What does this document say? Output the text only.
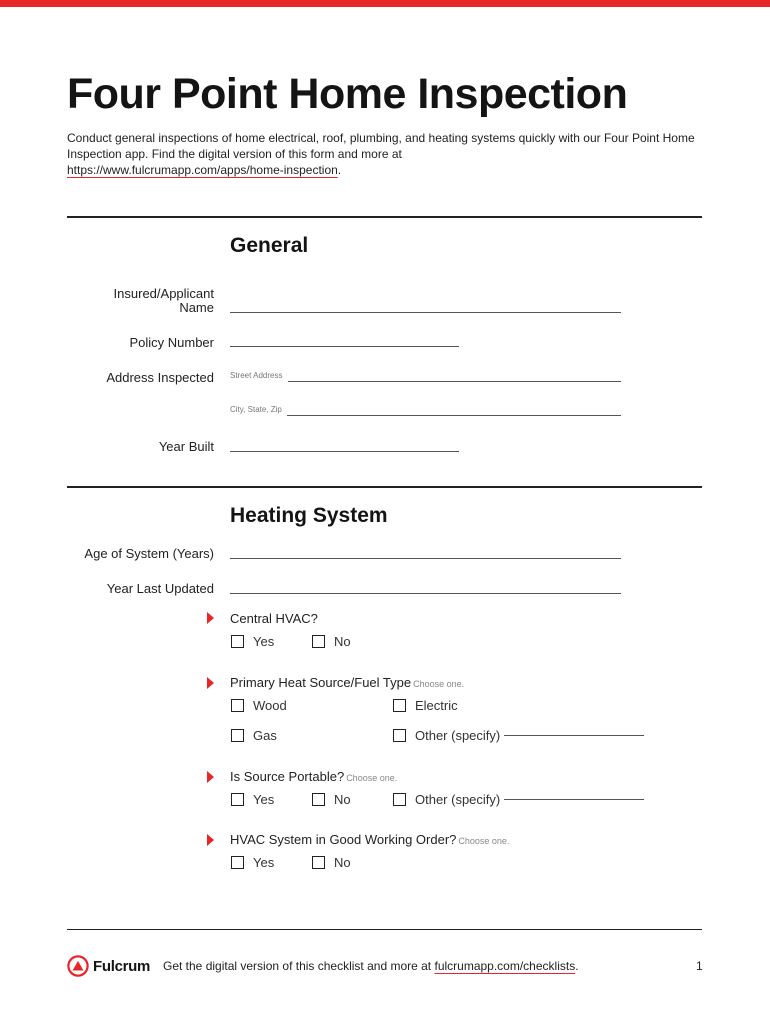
Four Point Home Inspection

Conduct general inspections of home electrical, roof, plumbing, and heating systems quickly with our Four Point Home Inspection app. Find the digital version of this form and more at
https://www.fulcrumapp.com/apps/home-inspection.

General
Insured/Applicant
Name
Policy Number
Address Inspected Street Address
City, State, Zip
Year Built
Heating System
Age of System (Years)
Year Last Updated
Central HVAC?
Yes	No
Primary Heat Source/Fuel Type Choose one.
Wood	Electric
Gas	Other (specify)
Is Source Portable? Choose one.
Yes	No	Other (specify)
HVAC System in Good Working Order? Choose one.
Yes	No
Fulcrum Get the digital version of this checklist and more at fulcrumapp.com/checklists.	1
